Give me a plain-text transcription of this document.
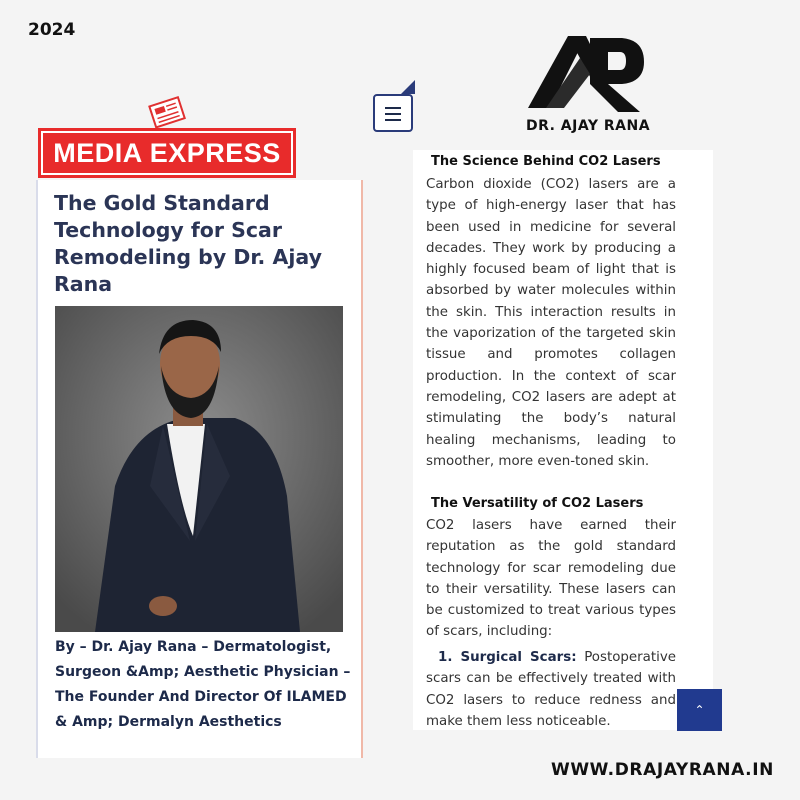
2024
DR. AJAY RANA
MEDIA EXPRESS
The Gold Standard Technology for Scar Remodeling by Dr. Ajay Rana

By – Dr. Ajay Rana – Dermatologist, Surgeon &Amp; Aesthetic Physician – The Founder And Director Of ILAMED & Amp; Dermalyn Aesthetics

The Science Behind CO2 Lasers

Carbon dioxide (CO2) lasers are a type of high-energy laser that has been used in medicine for several decades. They work by producing a highly focused beam of light that is absorbed by water molecules within the skin. This interaction results in the vaporization of the targeted skin tissue and promotes collagen production. In the context of scar remodeling, CO2 lasers are adept at stimulating the body’s natural healing mechanisms, leading to smoother, more even-toned skin.

The Versatility of CO2 Lasers

CO2 lasers have earned their reputation as the gold standard technology for scar remodeling due to their versatility. These lasers can be customized to treat various types of scars, including:

1. Surgical Scars: Postoperative scars can be effectively treated with CO2 lasers to reduce redness and make them less noticeable.

⌃
WWW.DRAJAYRANA.IN
